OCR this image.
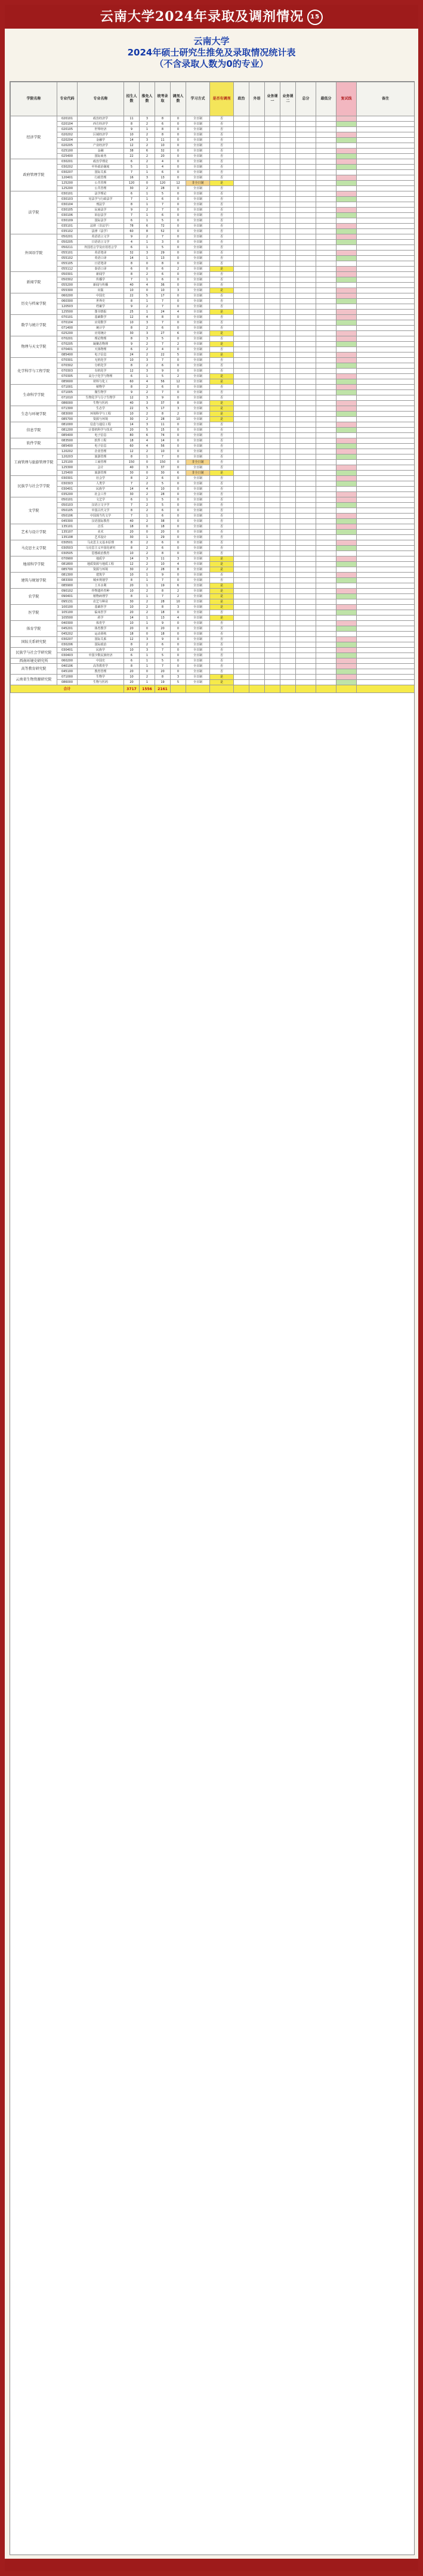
云南大学2024年录取及调剂情况 15
云南大学
2024年硕士研究生推免及录取情况统计表
（不含录取人数为0的专业）
学院名称	专业代码	专业名称	招生人数	推免人数	统考录取	调剂人数	学习方式	是否有调剂	政治	外语	业务课一	业务课二	总分	最低分	复试线	备注
经济学院	020101	政治经济学	11	3	8	0	全日制	否								
	020104	西方经济学	8	2	6	0	全日制	否								
	020105	世界经济	9	1	8	0	全日制	否								
	020202	区域经济学	10	2	8	0	全日制	否								
	020204	金融学	14	3	11	0	全日制	否								
	020205	产业经济学	12	2	10	0	全日制	否								
	025100	金融	38	6	32	0	全日制	否								
	025400	国际商务	22	2	20	0	全日制	否								
政府管理学院	030201	政治学理论	6	2	4	0	全日制	否								
	030202	中外政治制度	5	1	4	0	全日制	否								
	030207	国际关系	7	1	6	0	全日制	否								
	120401	行政管理	16	3	13	0	全日制	否								
	125200	公共管理	120	0	120	12	非全日制	是								
	125200	公共管理	30	2	28	0	全日制	否								
法学院	030101	法学理论	6	1	5	0	全日制	否								
	030103	宪法学与行政法学	7	1	6	0	全日制	否								
	030104	刑法学	8	1	7	0	全日制	否								
	030105	民商法学	9	2	7	0	全日制	否								
	030106	诉讼法学	7	1	6	0	全日制	否								
	030109	国际法学	6	1	5	0	全日制	否								
	035101	法律（非法学）	78	6	72	0	全日制	否								
	035102	法律（法学）	60	8	52	0	全日制	否								
外国语学院	050201	英语语言文学	9	2	7	0	全日制	否								
	050205	日语语言文学	4	1	3	0	全日制	否								
	050211	外国语言学及应用语言学	6	1	5	0	全日制	否								
	055101	英语笔译	32	3	29	0	全日制	否								
	055102	英语口译	14	1	13	0	全日制	否								
	055105	日语笔译	8	0	8	0	全日制	否								
	055112	泰语口译	6	0	6	2	全日制	是								
新闻学院	050301	新闻学	8	2	6	0	全日制	否								
	050302	传播学	7	1	6	0	全日制	否								
	055200	新闻与传播	40	4	36	0	全日制	否								
	055300	出版	10	0	10	3	全日制	是								
历史与档案学院	060200	中国史	22	5	17	0	全日制	否								
	060300	世界史	8	1	7	0	全日制	否								
	120503	档案学	9	2	7	0	全日制	否								
	125500	图书情报	25	1	24	4	全日制	是								
数学与统计学院	070101	基础数学	12	4	8	0	全日制	否								
	070104	应用数学	10	3	7	0	全日制	否								
	071400	统计学	8	2	6	0	全日制	否								
	025200	应用统计	30	3	27	6	全日制	是								
物理与天文学院	070201	理论物理	8	3	5	0	全日制	否								
	070205	凝聚态物理	9	2	7	2	全日制	是								
	070401	天体物理	6	2	4	0	全日制	否								
	085400	电子信息	24	2	22	5	全日制	是								
化学科学与工程学院	070301	无机化学	10	3	7	0	全日制	否								
	070302	分析化学	8	2	6	0	全日制	否								
	070303	有机化学	12	3	9	0	全日制	否								
	070305	高分子化学与物理	6	1	5	2	全日制	是								
	085600	材料与化工	60	4	56	12	全日制	是								
生命科学学院	071001	植物学	8	2	6	0	全日制	否								
	071005	微生物学	9	2	7	0	全日制	否								
	071010	生物化学与分子生物学	12	3	9	0	全日制	否								
	086000	生物与医药	40	3	37	8	全日制	是								
生态与环境学院	071300	生态学	22	5	17	3	全日制	是								
	083000	环境科学与工程	10	2	8	2	全日制	是								
	085700	资源与环境	30	2	28	10	全日制	是								
信息学院	081000	信息与通信工程	14	3	11	0	全日制	否								
	081200	计算机科学与技术	20	5	15	0	全日制	否								
	085400	电子信息	80	6	74	0	全日制	否								
软件学院	083500	软件工程	18	4	14	0	全日制	否								
	085400	电子信息	60	4	56	0	全日制	否								
工商管理与旅游管理学院	120202	企业管理	12	2	10	0	全日制	否								
	120203	旅游管理	8	1	7	0	全日制	否								
	125100	工商管理	150	0	150	0	非全日制	否								
	125300	会计	40	3	37	0	全日制	否								
	125400	旅游管理	30	0	30	6	非全日制	是								
民族学与社会学学院	030301	社会学	8	2	6	0	全日制	否								
	030303	人类学	7	2	5	0	全日制	否								
	030401	民族学	14	4	10	0	全日制	否								
	035200	社会工作	30	2	28	0	全日制	否								
文学院	050101	文艺学	6	1	5	0	全日制	否								
	050103	汉语言文字学	7	2	5	0	全日制	否								
	050105	中国古代文学	8	2	6	0	全日制	否								
	050106	中国现当代文学	7	1	6	0	全日制	否								
	045300	汉语国际教育	40	2	38	0	全日制	否								
艺术与设计学院	135101	音乐	18	0	18	0	全日制	否								
	135107	美术	20	0	20	0	全日制	否								
	135108	艺术设计	30	1	29	0	全日制	否								
马克思主义学院	030501	马克思主义基本原理	8	2	6	0	全日制	否								
	030503	马克思主义中国化研究	8	2	6	0	全日制	否								
	030505	思想政治教育	10	2	8	0	全日制	否								
地球科学学院	070900	地质学	14	3	11	3	全日制	是								
	081800	地质资源与地质工程	12	2	10	4	全日制	是								
	085700	资源与环境	30	2	28	8	全日制	是								
建筑与规划学院	081300	建筑学	10	1	9	0	全日制	否								
	083300	城乡规划学	8	1	7	0	全日制	否								
	085900	土木水利	20	1	19	6	全日制	是								
农学院	090102	作物遗传育种	10	2	8	2	全日制	是								
	090401	植物病理学	8	1	7	2	全日制	是								
	095131	农艺与种业	30	2	28	10	全日制	是								
医学院	100100	基础医学	10	2	8	3	全日制	是								
	105100	临床医学	20	2	18	0	全日制	否								
	105500	药学	14	1	13	4	全日制	是								
体育学院	040300	体育学	10	1	9	0	全日制	否								
	045201	体育教学	20	0	20	0	全日制	否								
	045202	运动训练	18	0	18	0	全日制	否								
国际关系研究院	030207	国际关系	12	3	9	0	全日制	否								
	030206	国际政治	8	2	6	0	全日制	否								
民族学与社会学研究院	030401	民族学	10	3	7	0	全日制	否								
	030403	中国少数民族经济	6	1	5	0	全日制	否								
西南环境史研究所	060200	中国史	6	1	5	0	全日制	否								
高等教育研究院	040106	高等教育学	8	1	7	0	全日制	否								
	045100	教育管理	20	0	20	0	全日制	否								
云南省生物资源研究院	071000	生物学	10	2	8	3	全日制	是								
	086000	生物与医药	20	1	19	5	全日制	是								
合计			3717	1556	2161											
